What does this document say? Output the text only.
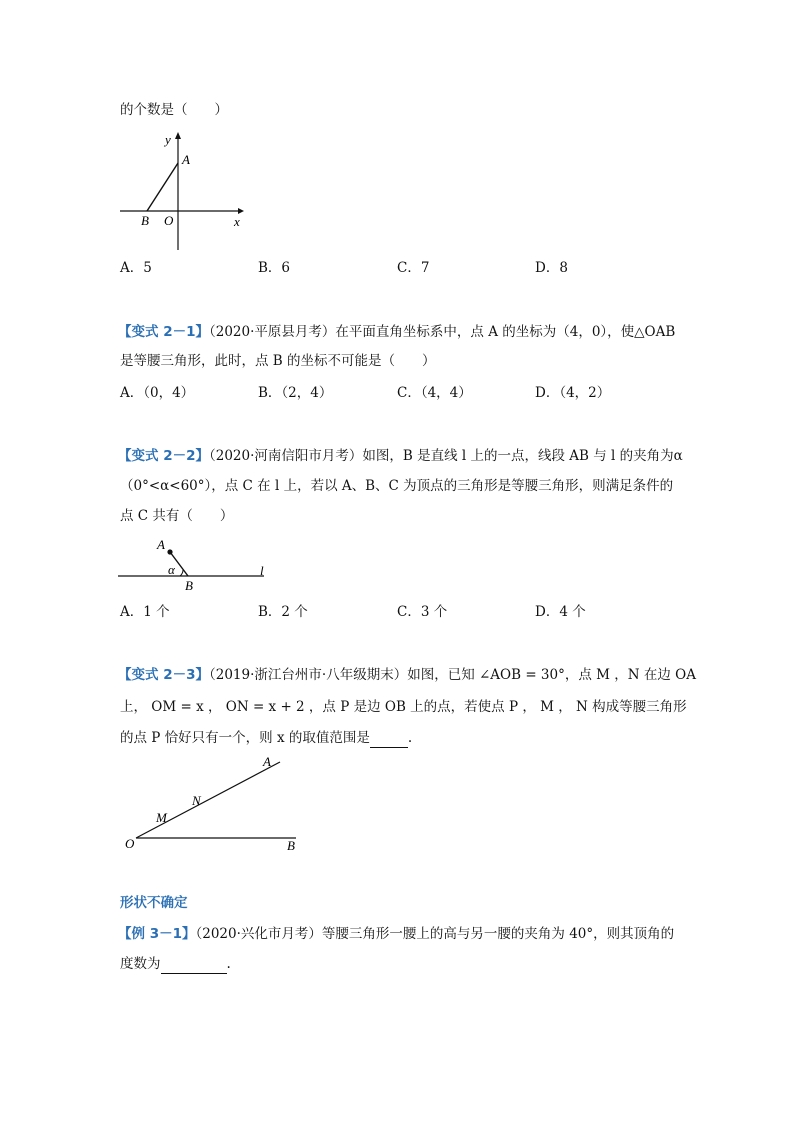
的个数是（　　）
y
A
B O	x
A．5	B．6	C．7	D．8
【变式 2－1】（2020·平原县月考）在平面直角坐标系中，点 A 的坐标为（4，0），使△OAB
是等腰三角形，此时，点 B 的坐标不可能是（　　）
A．（0，4）	B．（2，4）	C．（4，4）	D．（4，2）
【变式 2－2】（2020·河南信阳市月考）如图，B 是直线 l 上的一点，线段 AB 与 l 的夹角为α
（0°<α<60°），点 C 在 l 上，若以 A、B、C 为顶点的三角形是等腰三角形，则满足条件的
点 C 共有（　　）
A
α
B
l
A．1 个	B．2 个	C．3 个	D．4 个
【变式 2－3】（2019·浙江台州市·八年级期末）如图，已知 ∠AOB = 30°，点 M ，N 在边 OA
上， OM = x ， ON = x + 2 ，点 P 是边 OB 上的点，若使点 P ， M ， N 构成等腰三角形
的点 P 恰好只有一个，则 x 的取值范围是	.
A
N
M
O	B
形状不确定
【例 3－1】（2020·兴化市月考）等腰三角形一腰上的高与另一腰的夹角为 40°，则其顶角的
度数为	.
